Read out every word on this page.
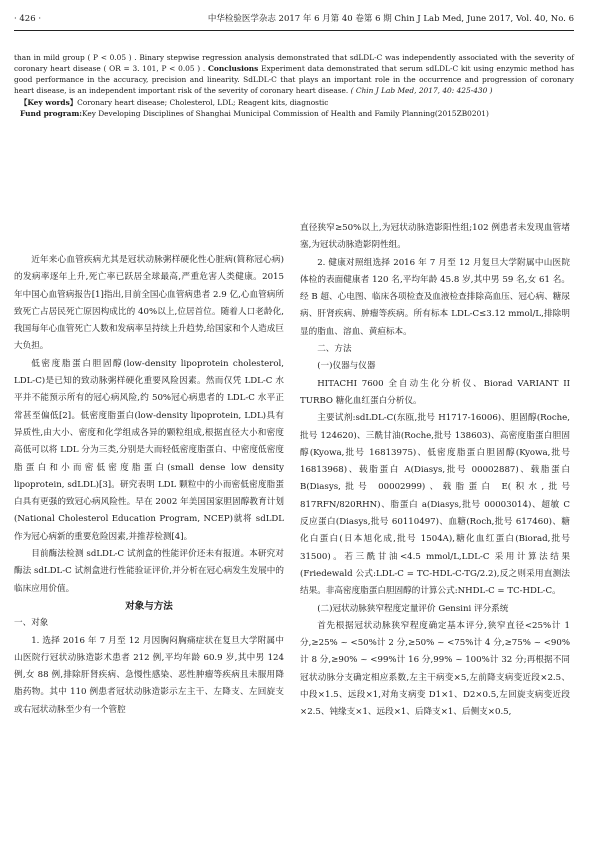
· 426 ·	中华检验医学杂志 2017 年 6 月第 40 卷第 6 期 Chin J Lab Med, June 2017, Vol. 40, No. 6

than in mild group ( P < 0.05 ) . Binary stepwise regression analysis demonstrated that sdLDL-C was independently associated with the severity of coronary heart disease ( OR = 3. 101, P < 0.05 ) . Conclusions Experiment data demonstrated that serum sdLDL-C kit using enzymic method has good performance in the accuracy, precision and linearity. SdLDL-C that plays an important role in the occurrence and progression of coronary heart disease, is an independent important risk of the severity of coronary heart disease. ( Chin J Lab Med, 2017, 40: 425-430 )

【Key words】Coronary heart disease; Cholesterol, LDL; Reagent kits, diagnostic

Fund program:Key Developing Disciplines of Shanghai Municipal Commission of Health and Family Planning(2015ZB0201)

近年来心血管疾病尤其是冠状动脉粥样硬化性心脏病(简称冠心病)的发病率逐年上升,死亡率已跃居全球最高,严重危害人类健康。2015 年中国心血管病报告[1]指出,目前全国心血管病患者 2.9 亿,心血管病所致死亡占居民死亡原因构成比的 40%以上,位居首位。随着人口老龄化,我国每年心血管死亡人数和发病率呈持续上升趋势,给国家和个人造成巨大负担。

低密度脂蛋白胆固醇(low-density lipoprotein cholesterol, LDL-C)是已知的致动脉粥样硬化重要风险因素。然而仅凭 LDL-C 水平并不能预示所有的冠心病风险,约 50%冠心病患者的 LDL-C 水平正常甚至偏低[2]。低密度脂蛋白(low-density lipoprotein, LDL)具有异质性,由大小、密度和化学组成各异的颗粒组成,根据直径大小和密度高低可以将 LDL 分为三类,分别是大而轻低密度脂蛋白、中密度低密度脂蛋白和小而密低密度脂蛋白(small dense low density lipoprotein, sdLDL)[3]。研究表明 LDL 颗粒中的小而密低密度脂蛋白具有更强的致冠心病风险性。早在 2002 年美国国家胆固醇教育计划(National Cholesterol Education Program, NCEP)就将 sdLDL 作为冠心病新的重要危险因素,并推荐检测[4]。

目前酶法检测 sdLDL-C 试剂盒的性能评价还未有报道。本研究对酶法 sdLDL-C 试剂盒进行性能验证评价,并分析在冠心病发生发展中的临床应用价值。

对象与方法

一、对象

1. 选择 2016 年 7 月至 12 月因胸闷胸痛症状在复旦大学附属中山医院行冠状动脉造影术患者 212 例,平均年龄 60.9 岁,其中男 124 例,女 88 例,排除肝肾疾病、急慢性感染、恶性肿瘤等疾病且未服用降脂药物。其中 110 例患者冠状动脉造影示左主干、左降支、左回旋支或右冠状动脉至少有一个管腔

直径狭窄≥50%以上,为冠状动脉造影阳性组;102 例患者未发现血管堵塞,为冠状动脉造影阴性组。

2. 健康对照组选择 2016 年 7 月至 12 月复旦大学附属中山医院体检的表面健康者 120 名,平均年龄 45.8 岁,其中男 59 名,女 61 名。经 B 超、心电图、临床各项检查及血液检查排除高血压、冠心病、糖尿病、肝肾疾病、肿瘤等疾病。所有标本 LDL-C≤3.12 mmol/L,排除明显的脂血、溶血、黄疸标本。

二、方法

(一)仪器与仪器

HITACHI 7600 全自动生化分析仪、Biorad VARIANT II TURBO 糖化血红蛋白分析仪。

主要试剂:sdLDL-C(东瓯,批号 H1717-16006)、胆固醇(Roche,批号 124620)、三酰甘油(Roche,批号 138603)、高密度脂蛋白胆固醇(Kyowa,批号 16813975)、低密度脂蛋白胆固醇(Kyowa,批号 16813968)、载脂蛋白 A(Diasys,批号 00002887)、载脂蛋白 B(Diasys,批号 00002999)、载脂蛋白 E(积水,批号 817RFN/820RHN)、脂蛋白 a(Diasys,批号 00003014)、超敏 C 反应蛋白(Diasys,批号 60110497)、血糖(Roch,批号 617460)、糖化白蛋白(日本旭化成,批号 1504A),糖化血红蛋白(Biorad,批号 31500)。若三酰甘油<4.5 mmol/L,LDL-C 采用计算法结果(Friedewald 公式:LDL-C = TC-HDL-C-TG/2.2),反之则采用直测法结果。非高密度脂蛋白胆固醇的计算公式:NHDL-C = TC-HDL-C。

(二)冠状动脉狭窄程度定量评价 Gensini 评分系统

首先根据冠状动脉狭窄程度确定基本评分,狭窄直径<25%计 1 分,≥25% ~ <50%计 2 分,≥50% ~ <75%计 4 分,≥75% ~ <90%计 8 分,≥90% ~ <99%计 16 分,99% ~ 100%计 32 分;再根据不同冠状动脉分支确定相应系数,左主干病变×5,左前降支病变近段×2.5、中段×1.5、远段×1,对角支病变 D1×1、D2×0.5,左回旋支病变近段×2.5、钝缘支×1、远段×1、后降支×1、后侧支×0.5,
